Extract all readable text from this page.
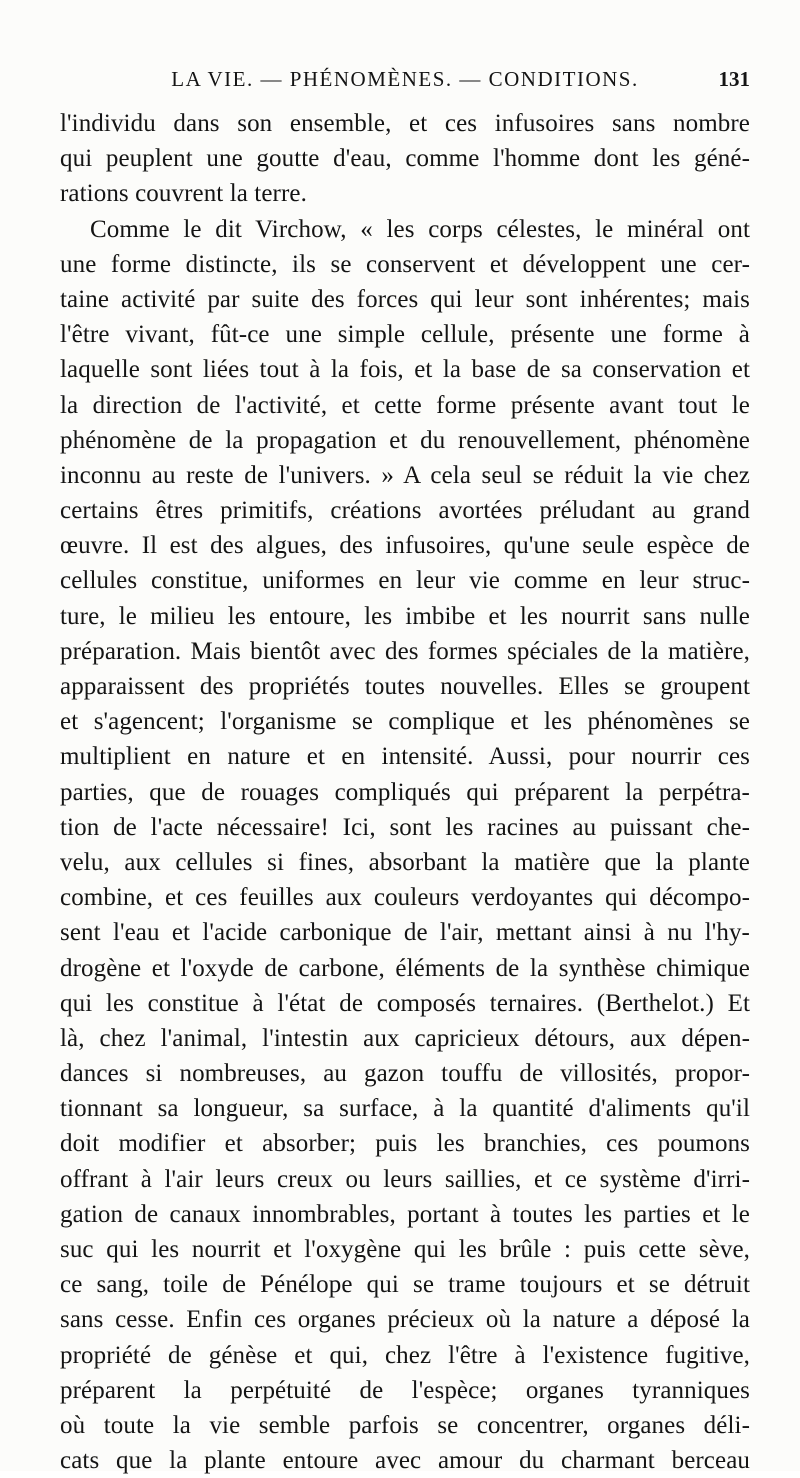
LA VIE. — PHÉNOMÈNES. — CONDITIONS.	131
l'individu dans son ensemble, et ces infusoires sans nombre
qui peuplent une goutte d'eau, comme l'homme dont les géné-
rations couvrent la terre.
Comme le dit Virchow, « les corps célestes, le minéral ont
une forme distincte, ils se conservent et développent une cer-
taine activité par suite des forces qui leur sont inhérentes; mais
l'être vivant, fût-ce une simple cellule, présente une forme à
laquelle sont liées tout à la fois, et la base de sa conservation et
la direction de l'activité, et cette forme présente avant tout le
phénomène de la propagation et du renouvellement, phénomène
inconnu au reste de l'univers. » A cela seul se réduit la vie chez
certains êtres primitifs, créations avortées préludant au grand
œuvre. Il est des algues, des infusoires, qu'une seule espèce de
cellules constitue, uniformes en leur vie comme en leur struc-
ture, le milieu les entoure, les imbibe et les nourrit sans nulle
préparation. Mais bientôt avec des formes spéciales de la matière,
apparaissent des propriétés toutes nouvelles. Elles se groupent
et s'agencent; l'organisme se complique et les phénomènes se
multiplient en nature et en intensité. Aussi, pour nourrir ces
parties, que de rouages compliqués qui préparent la perpétra-
tion de l'acte nécessaire! Ici, sont les racines au puissant che-
velu, aux cellules si fines, absorbant la matière que la plante
combine, et ces feuilles aux couleurs verdoyantes qui décompo-
sent l'eau et l'acide carbonique de l'air, mettant ainsi à nu l'hy-
drogène et l'oxyde de carbone, éléments de la synthèse chimique
qui les constitue à l'état de composés ternaires. (Berthelot.) Et
là, chez l'animal, l'intestin aux capricieux détours, aux dépen-
dances si nombreuses, au gazon touffu de villosités, propor-
tionnant sa longueur, sa surface, à la quantité d'aliments qu'il
doit modifier et absorber; puis les branchies, ces poumons
offrant à l'air leurs creux ou leurs saillies, et ce système d'irri-
gation de canaux innombrables, portant à toutes les parties et le
suc qui les nourrit et l'oxygène qui les brûle : puis cette sève,
ce sang, toile de Pénélope qui se trame toujours et se détruit
sans cesse. Enfin ces organes précieux où la nature a déposé la
propriété de génèse et qui, chez l'être à l'existence fugitive,
préparent la perpétuité de l'espèce; organes tyranniques
où toute la vie semble parfois se concentrer, organes déli-
cats que la plante entoure avec amour du charmant berceau
